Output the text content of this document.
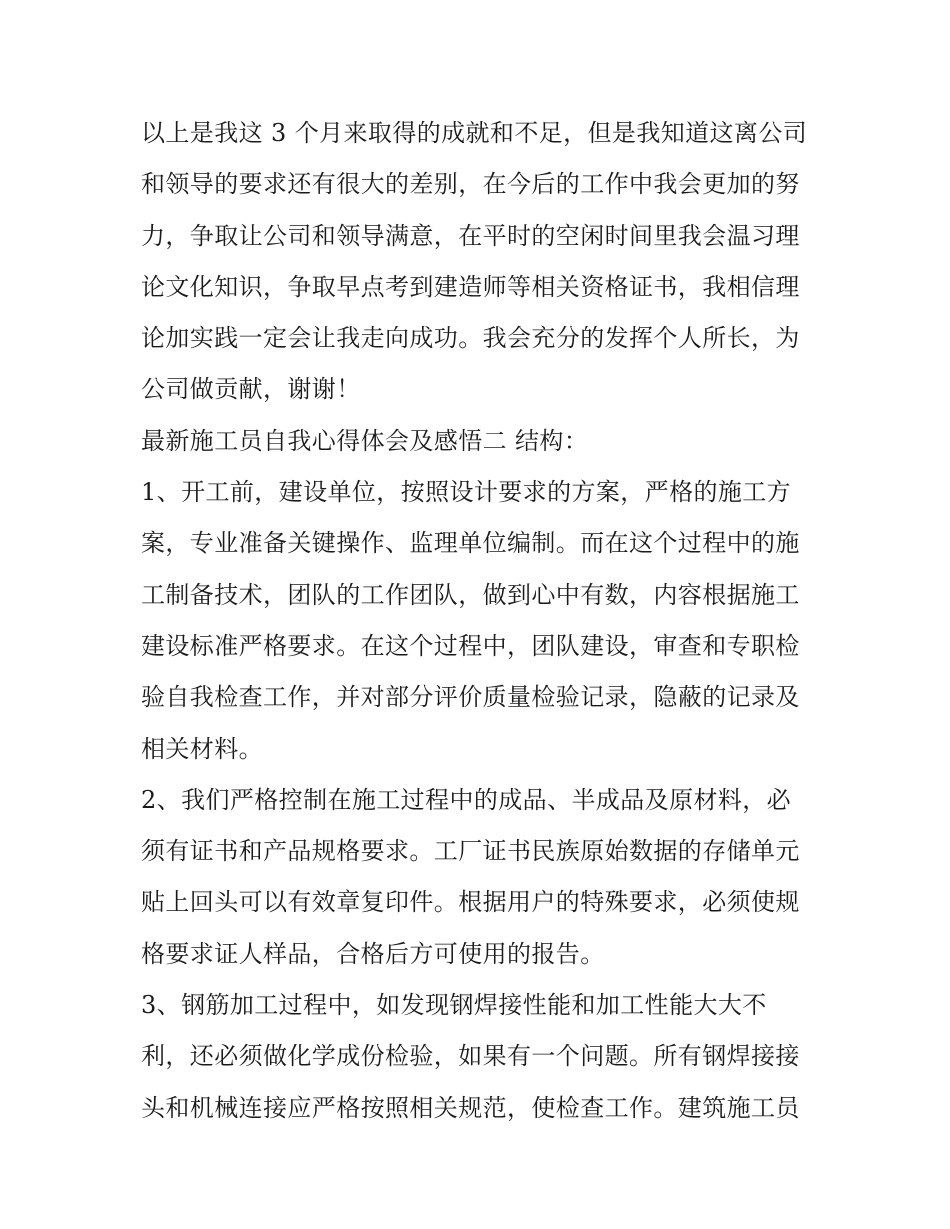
以上是我这 3 个月来取得的成就和不足，但是我知道这离公司
和领导的要求还有很大的差别，在今后的工作中我会更加的努
力，争取让公司和领导满意，在平时的空闲时间里我会温习理
论文化知识，争取早点考到建造师等相关资格证书，我相信理
论加实践一定会让我走向成功。我会充分的发挥个人所长，为
公司做贡献，谢谢！
最新施工员自我心得体会及感悟二 结构：
1、开工前，建设单位，按照设计要求的方案，严格的施工方
案，专业准备关键操作、监理单位编制。而在这个过程中的施
工制备技术，团队的工作团队，做到心中有数，内容根据施工
建设标准严格要求。在这个过程中，团队建设，审查和专职检
验自我检查工作，并对部分评价质量检验记录，隐蔽的记录及
相关材料。
2、我们严格控制在施工过程中的成品、半成品及原材料，必
须有证书和产品规格要求。工厂证书民族原始数据的存储单元
贴上回头可以有效章复印件。根据用户的特殊要求，必须使规
格要求证人样品，合格后方可使用的报告。
3、钢筋加工过程中，如发现钢焊接性能和加工性能大大不
利，还必须做化学成份检验，如果有一个问题。所有钢焊接接
头和机械连接应严格按照相关规范，使检查工作。建筑施工员
